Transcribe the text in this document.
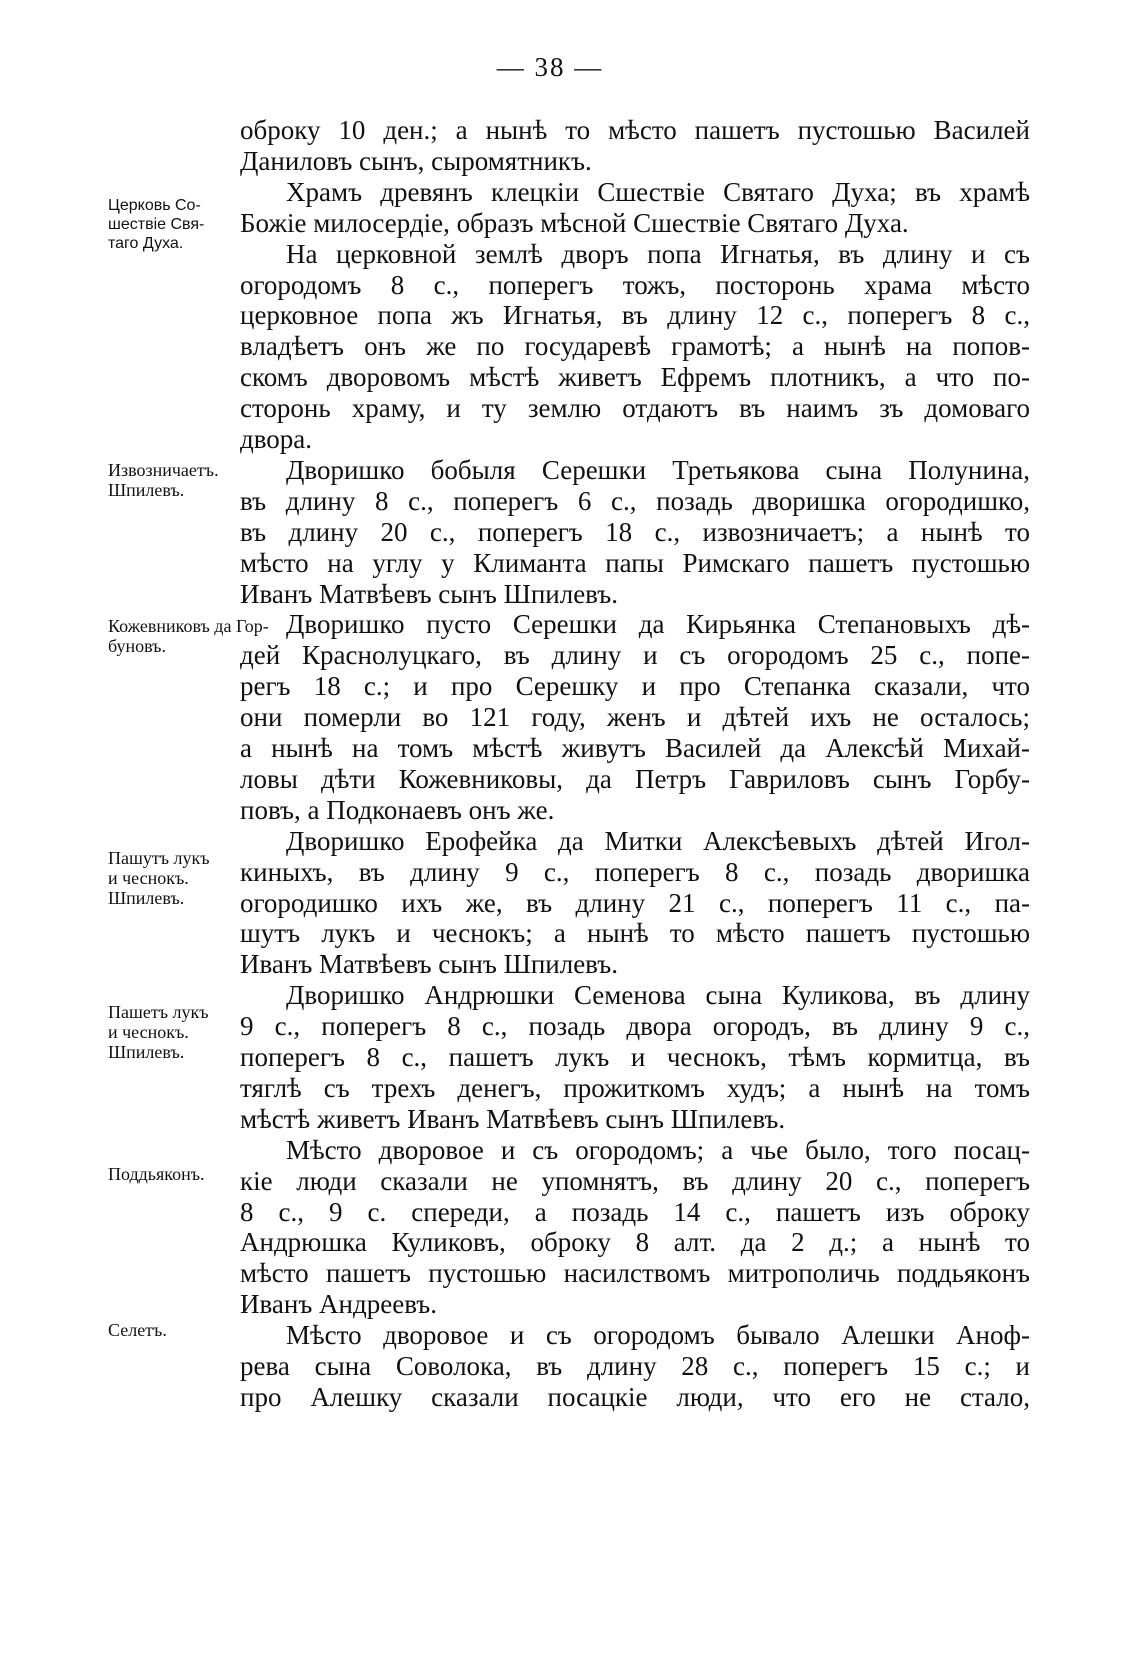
— 38 —
оброку 10 ден.; а нынѣ то мѣсто пашетъ пустошью Василей
Даниловъ сынъ, сыромятникъ.
Храмъ древянъ клецкіи Сшествіе Святаго Духа; въ храмѣ
Божіе милосердіе, образъ мѣсной Сшествіе Святаго Духа.
На церковной землѣ дворъ попа Игнатья, въ длину и съ
огородомъ 8 с., поперегъ тожъ, посторонь храма мѣсто
церковное попа жъ Игнатья, въ длину 12 с., поперегъ 8 с.,
владѣетъ онъ же по государевѣ грамотѣ; а нынѣ на попов-
скомъ дворовомъ мѣстѣ живетъ Ефремъ плотникъ, а что по-
сторонь храму, и ту землю отдаютъ въ наимъ зъ домоваго
двора.
Дворишко бобыля Серешки Третьякова сына Полунина,
въ длину 8 с., поперегъ 6 с., позадь дворишка огородишко,
въ длину 20 с., поперегъ 18 с., извозничаетъ; а нынѣ то
мѣсто на углу у Климанта папы Римскаго пашетъ пустошью
Иванъ Матвѣевъ сынъ Шпилевъ.
Дворишко пусто Серешки да Кирьянка Степановыхъ дѣ-
дей Краснолуцкаго, въ длину и съ огородомъ 25 с., попе-
регъ 18 с.; и про Серешку и про Степанка сказали, что
они померли во 121 году, женъ и дѣтей ихъ не осталось;
а нынѣ на томъ мѣстѣ живутъ Василей да Алексѣй Михай-
ловы дѣти Кожевниковы, да Петръ Гавриловъ сынъ Горбу-
повъ, а Подконаевъ онъ же.
Дворишко Ерофейка да Митки Алексѣевыхъ дѣтей Игол-
киныхъ, въ длину 9 с., поперегъ 8 с., позадь дворишка
огородишко ихъ же, въ длину 21 с., поперегъ 11 с., па-
шутъ лукъ и чеснокъ; а нынѣ то мѣсто пашетъ пустошью
Иванъ Матвѣевъ сынъ Шпилевъ.
Дворишко Андрюшки Семенова сына Куликова, въ длину
9 с., поперегъ 8 с., позадь двора огородъ, въ длину 9 с.,
поперегъ 8 с., пашетъ лукъ и чеснокъ, тѣмъ кормитца, въ
тяглѣ съ трехъ денегъ, прожиткомъ худъ; а нынѣ на томъ
мѣстѣ живетъ Иванъ Матвѣевъ сынъ Шпилевъ.
Мѣсто дворовое и съ огородомъ; а чье было, того посац-
кіе люди сказали не упомнятъ, въ длину 20 с., поперегъ
8 с., 9 с. спереди, а позадь 14 с., пашетъ изъ оброку
Андрюшка Куликовъ, оброку 8 алт. да 2 д.; а нынѣ то
мѣсто пашетъ пустошью насилствомъ митрополичь поддьяконъ
Иванъ Андреевъ.
Мѣсто дворовое и съ огородомъ бывало Алешки Аноф-
рева сына Соволока, въ длину 28 с., поперегъ 15 с.; и
про Алешку сказали посацкіе люди, что его не стало,
Церковь Со-
шествіе Свя-
таго Духа.
Извозничаетъ.
Шпилевъ.
Кожевниковъ да Гор-
буновъ.
Пашутъ лукъ
и чеснокъ.
Шпилевъ.
Пашетъ лукъ
и чеснокъ.
Шпилевъ.
Поддьяконъ.
Селетъ.
